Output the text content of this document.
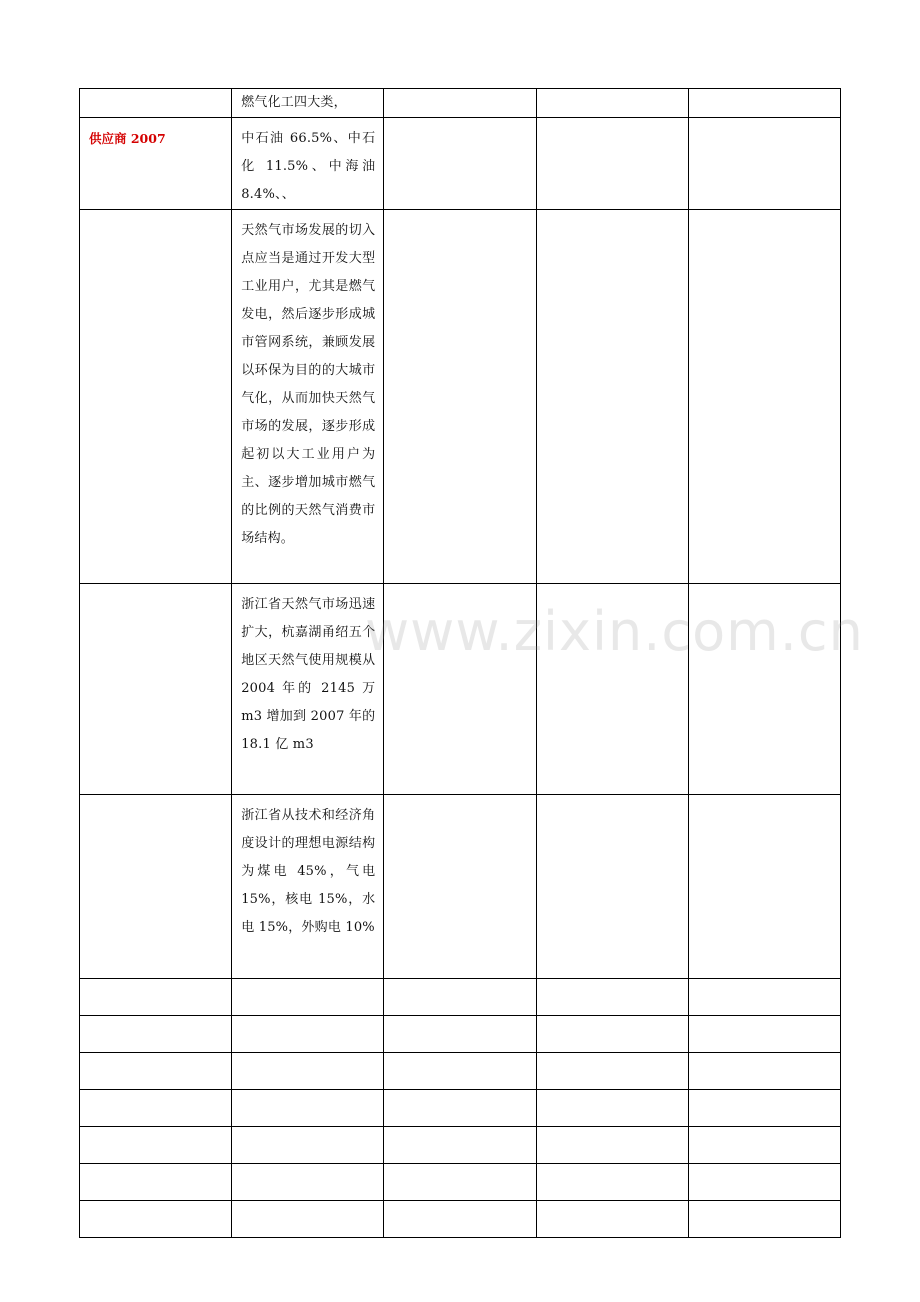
	燃气化工四大类，			

供应商 2007	中石油 66.5%、中石化 11.5%、中海油 8.4%、、			

	天然气市场发展的切入点应当是通过开发大型工业用户，尤其是燃气发电，然后逐步形成城市管网系统，兼顾发展以环保为目的的大城市气化，从而加快天然气市场的发展，逐步形成起初以大工业用户为主、逐步增加城市燃气的比例的天然气消费市场结构。			

	浙江省天然气市场迅速扩大，杭嘉湖甬绍五个地区天然气使用规模从 2004 年的 2145 万 m3 增加到 2007 年的 18.1 亿 m3			

	浙江省从技术和经济角度设计的理想电源结构为煤电 45%，气电 15%，核电 15%，水电 15%，外购电 10%			

www.zixin.com.cn
